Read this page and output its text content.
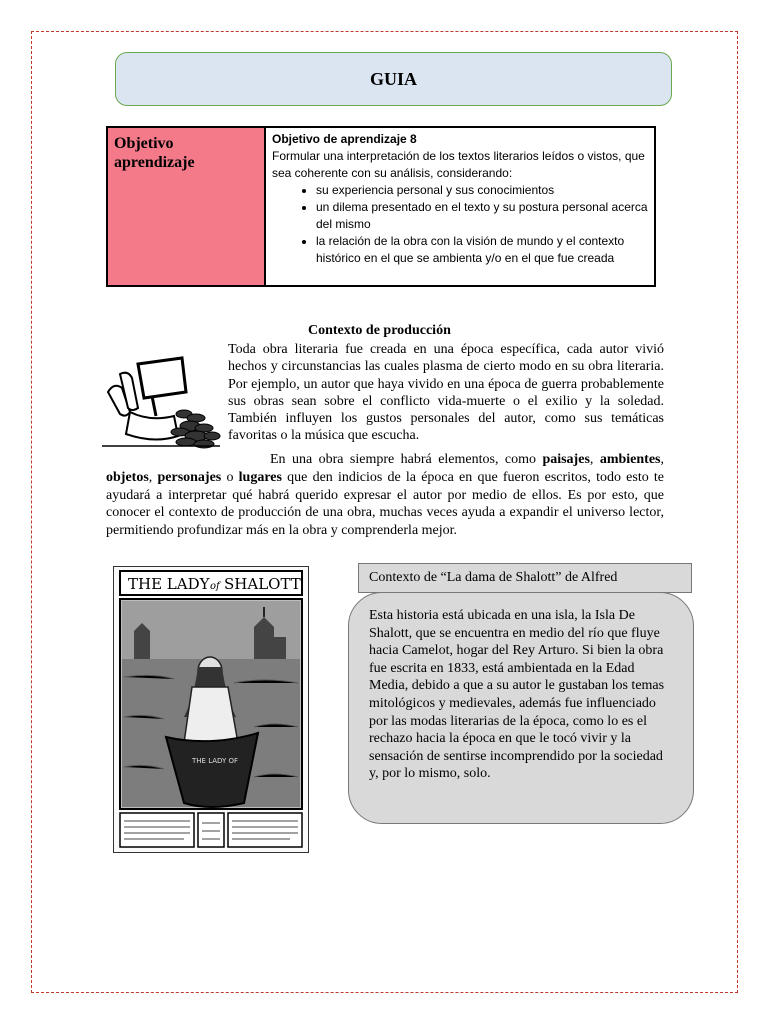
GUIA
Objetivo aprendizaje
Objetivo de aprendizaje 8
Formular una interpretación de los textos literarios leídos o vistos, que sea coherente con su análisis, considerando:
• su experiencia personal y sus conocimientos
• un dilema presentado en el texto y su postura personal acerca del mismo
• la relación de la obra con la visión de mundo y el contexto histórico en el que se ambienta y/o en el que fue creada
Contexto de producción
Toda obra literaria fue creada en una época específica, cada autor vivió hechos y circunstancias las cuales plasma de cierto modo en su obra literaria. Por ejemplo, un autor que haya vivido en una época de guerra probablemente sus obras sean sobre el conflicto vida-muerte o el exilio y la soledad. También influyen los gustos personales del autor, como sus temáticas favoritas o la música que escucha.
En una obra siempre habrá elementos, como paisajes, ambientes, objetos, personajes o lugares que den indicios de la época en que fueron escritos, todo esto te ayudará a interpretar qué habrá querido expresar el autor por medio de ellos. Es por esto, que conocer el contexto de producción de una obra, muchas veces ayuda a expandir el universo lector, permitiendo profundizar más en la obra y comprenderla mejor.
THE LADY of SHALOTT
THE LADY OF
Contexto de “La dama de Shalott” de Alfred
Esta historia está ubicada en una isla, la Isla De Shalott, que se encuentra en medio del río que fluye hacia Camelot, hogar del Rey Arturo. Si bien la obra fue escrita en 1833, está ambientada en la Edad Media, debido a que a su autor le gustaban los temas mitológicos y medievales, además fue influenciado por las modas literarias de la época, como lo es el rechazo hacia la época en que le tocó vivir y la sensación de sentirse incomprendido por la sociedad y, por lo mismo, solo.
